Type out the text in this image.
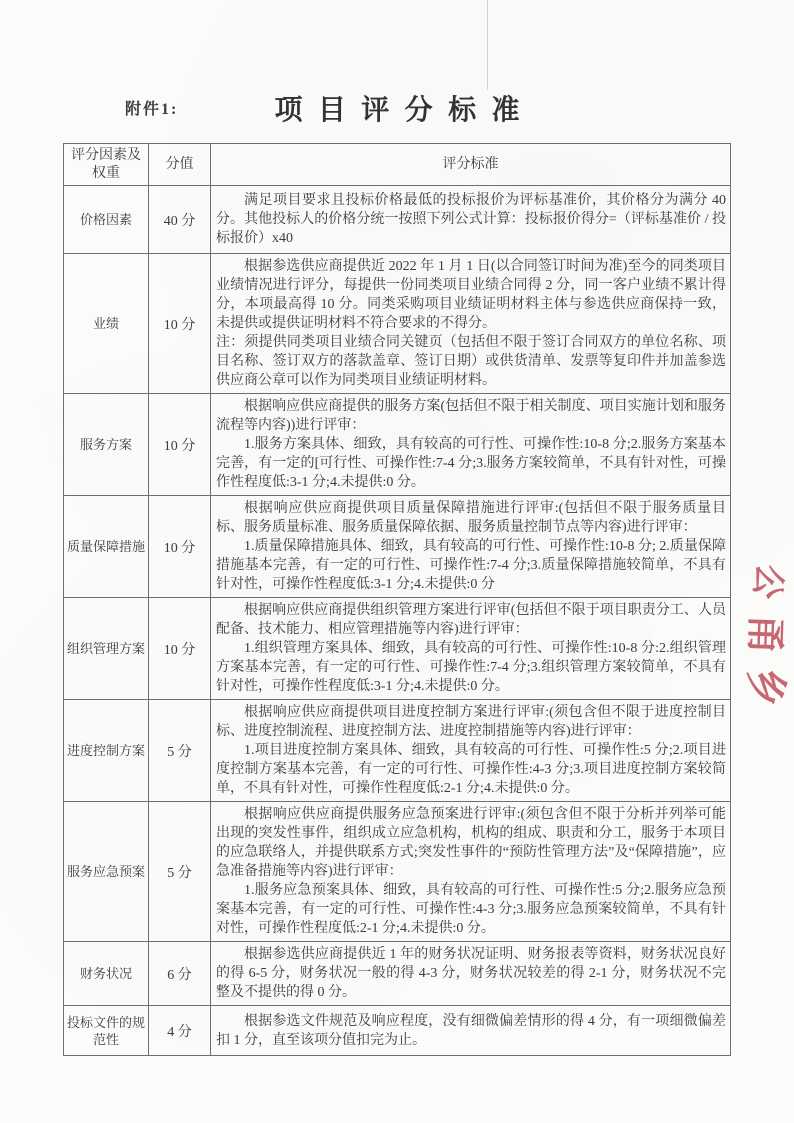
附件1:	项目评分标准
评分因素及权重	分值	评分标准
价格因素	40 分	满足项目要求且投标价格最低的投标报价为评标基准价，其价格分为满分 40 分。其他投标人的价格分统一按照下列公式计算：投标报价得分=（评标基准价 / 投标报价）x40

业绩	10 分	根据参选供应商提供近 2022 年 1 月 1 日(以合同签订时间为准)至今的同类项目业绩情况进行评分，每提供一份同类项目业绩合同得 2 分，同一客户业绩不累计得分，本项最高得 10 分。同类采购项目业绩证明材料主体与参选供应商保持一致，未提供或提供证明材料不符合要求的不得分。

注：须提供同类项目业绩合同关键页（包括但不限于签订合同双方的单位名称、项目名称、签订双方的落款盖章、签订日期）或供货清单、发票等复印件并加盖参选供应商公章可以作为同类项目业绩证明材料。

服务方案	10 分	根据响应供应商提供的服务方案(包括但不限于相关制度、项目实施计划和服务流程等内容))进行评审：

1.服务方案具体、细致，具有较高的可行性、可操作性:10-8 分;2.服务方案基本完善，有一定的[可行性、可操作性:7-4 分;3.服务方案较简单，不具有针对性，可操作性程度低:3-1 分;4.未提供:0 分。

质量保障措施	10 分	根据响应供应商提供项目质量保障措施进行评审:(包括但不限于服务质量目标、服务质量标准、服务质量保障依据、服务质量控制节点等内容)进行评审：

1.质量保障措施具体、细致，具有较高的可行性、可操作性:10-8 分; 2.质量保障措施基本完善，有一定的可行性、可操作性:7-4 分;3.质量保障措施较简单，不具有针对性，可操作性程度低:3-1 分;4.未提供:0 分

组织管理方案	10 分	根据响应供应商提供组织管理方案进行评审(包括但不限于项目职责分工、人员配备、技术能力、相应管理措施等内容)进行评审：

1.组织管理方案具体、细致，具有较高的可行性、可操作性:10-8 分:2.组织管理方案基本完善，有一定的可行性、可操作性:7-4 分;3.组织管理方案较简单，不具有针对性，可操作性程度低:3-1 分;4.未提供:0 分。

进度控制方案	5 分	根据响应供应商提供项目进度控制方案进行评审:(须包含但不限于进度控制目标、进度控制流程、进度控制方法、进度控制措施等内容)进行评审：

1.项目进度控制方案具体、细致，具有较高的可行性、可操作性:5 分;2.项目进度控制方案基本完善，有一定的可行性、可操作性:4-3 分;3.项目进度控制方案较简单，不具有针对性，可操作性程度低:2-1 分;4.未提供:0 分。

服务应急预案	5 分	根据响应供应商提供服务应急预案进行评审:(须包含但不限于分析并列举可能出现的突发性事件，组织成立应急机构，机构的组成、职责和分工，服务于本项目的应急联络人，并提供联系方式;突发性事件的“预防性管理方法”及“保障措施”，应急准备措施等内容)进行评审：

1.服务应急预案具体、细致，具有较高的可行性、可操作性:5 分;2.服务应急预案基本完善，有一定的可行性、可操作性:4-3 分;3.服务应急预案较简单，不具有针对性，可操作性程度低:2-1 分;4.未提供:0 分。

财务状况	6 分	根据参选供应商提供近 1 年的财务状况证明、财务报表等资料，财务状况良好的得 6-5 分，财务状况一般的得 4-3 分，财务状况较差的得 2-1 分，财务状况不完整及不提供的得 0 分。

投标文件的规范性	4 分	根据参选文件规范及响应程度，没有细微偏差情形的得 4 分，有一项细微偏差扣 1 分，直至该项分值扣完为止。

公
甬
乡
